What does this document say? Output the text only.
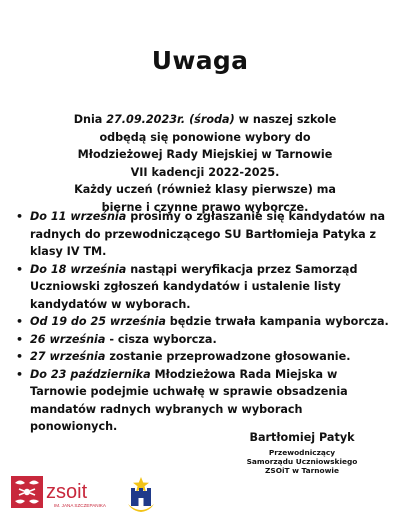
Uwaga
Dnia 27.09.2023r. (środa) w naszej szkole
odbędą się ponowione wybory do
Młodzieżowej Rady Miejskiej w Tarnowie
VII kadencji 2022-2025.
Każdy uczeń (również klasy pierwsze) ma
bierne i czynne prawo wyborcze.
• Do 11 września prosimy o zgłaszanie się kandydatów na radnych do przewodniczącego SU Bartłomieja Patyka z klasy IV TM.
• Do 18 września nastąpi weryfikacja przez Samorząd Uczniowski zgłoszeń kandydatów i ustalenie listy kandydatów w wyborach.
• Od 19 do 25 września będzie trwała kampania wyborcza.
• 26 września - cisza wyborcza.
• 27 września zostanie przeprowadzone głosowanie.
• Do 23 października Młodzieżowa Rada Miejska w Tarnowie podejmie uchwałę w sprawie obsadzenia mandatów radnych wybranych w wyborach ponowionych.
Bartłomiej Patyk
Przewodniczący
Samorządu Uczniowskiego
ZSOiT w Tarnowie
zsoit
IM. JANA SZCZEPANIKA
